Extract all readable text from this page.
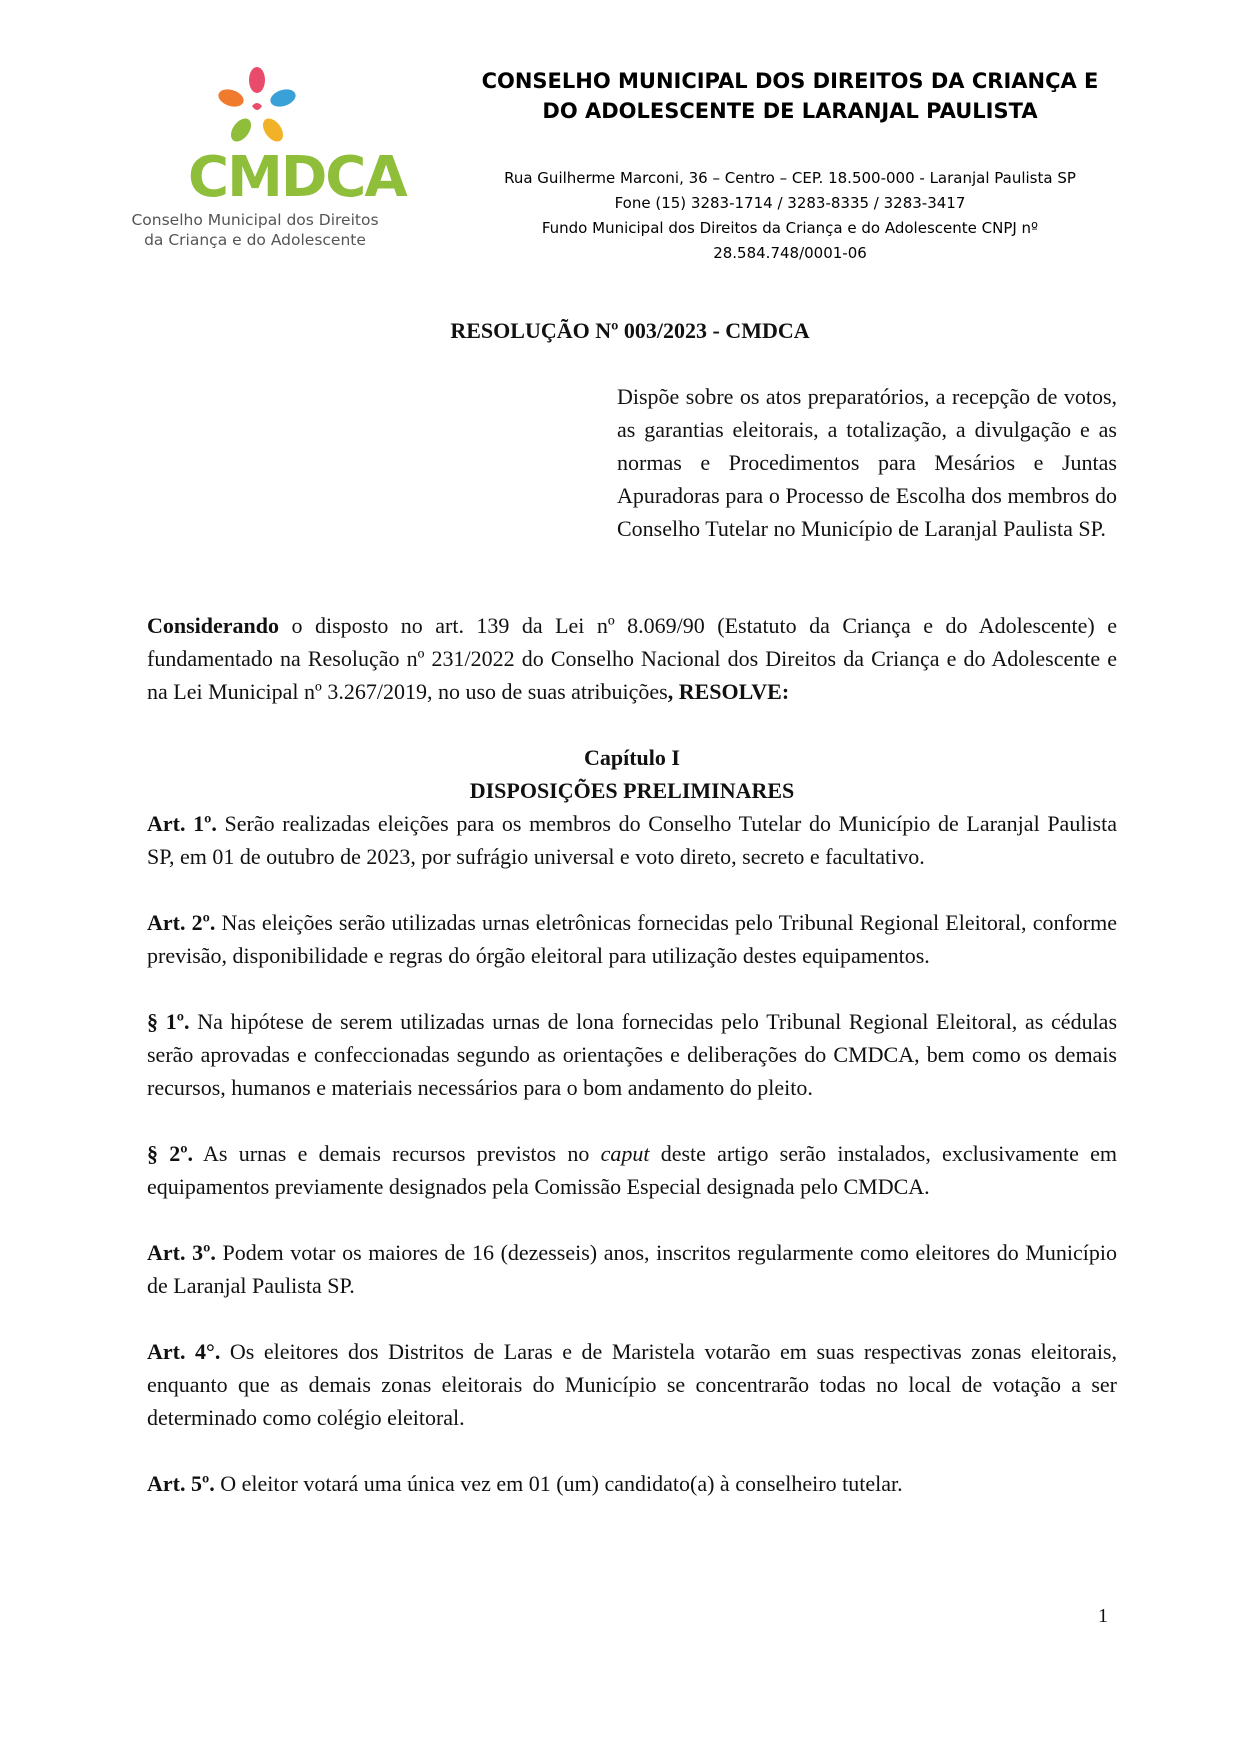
CMDCA
Conselho Municipal dos Direitos
da Criança e do Adolescente
CONSELHO MUNICIPAL DOS DIREITOS DA CRIANÇA E
DO ADOLESCENTE DE LARANJAL PAULISTA
Rua Guilherme Marconi, 36 – Centro – CEP. 18.500-000 - Laranjal Paulista SP
Fone (15) 3283-1714 / 3283-8335 / 3283-3417
Fundo Municipal dos Direitos da Criança e do Adolescente CNPJ nº
28.584.748/0001-06
RESOLUÇÃO Nº 003/2023 - CMDCA
Dispõe sobre os atos preparatórios, a recepção de votos, as garantias eleitorais, a totalização, a divulgação e as normas e Procedimentos para Mesários e Juntas Apuradoras para o Processo de Escolha dos membros do Conselho Tutelar no Município de Laranjal Paulista SP.

Considerando o disposto no art. 139 da Lei nº 8.069/90 (Estatuto da Criança e do Adolescente) e fundamentado na Resolução nº 231/2022 do Conselho Nacional dos Direitos da Criança e do Adolescente e na Lei Municipal nº 3.267/2019, no uso de suas atribuições, RESOLVE:

Capítulo I
DISPOSIÇÕES PRELIMINARES

Art. 1º. Serão realizadas eleições para os membros do Conselho Tutelar do Município de Laranjal Paulista SP, em 01 de outubro de 2023, por sufrágio universal e voto direto, secreto e facultativo.

Art. 2º. Nas eleições serão utilizadas urnas eletrônicas fornecidas pelo Tribunal Regional Eleitoral, conforme previsão, disponibilidade e regras do órgão eleitoral para utilização destes equipamentos.

§ 1º. Na hipótese de serem utilizadas urnas de lona fornecidas pelo Tribunal Regional Eleitoral, as cédulas serão aprovadas e confeccionadas segundo as orientações e deliberações do CMDCA, bem como os demais recursos, humanos e materiais necessários para o bom andamento do pleito.

§ 2º. As urnas e demais recursos previstos no caput deste artigo serão instalados, exclusivamente em equipamentos previamente designados pela Comissão Especial designada pelo CMDCA.

Art. 3º. Podem votar os maiores de 16 (dezesseis) anos, inscritos regularmente como eleitores do Município de Laranjal Paulista SP.

Art. 4°. Os eleitores dos Distritos de Laras e de Maristela votarão em suas respectivas zonas eleitorais, enquanto que as demais zonas eleitorais do Município se concentrarão todas no local de votação a ser determinado como colégio eleitoral.

Art. 5º. O eleitor votará uma única vez em 01 (um) candidato(a) à conselheiro tutelar.

1
